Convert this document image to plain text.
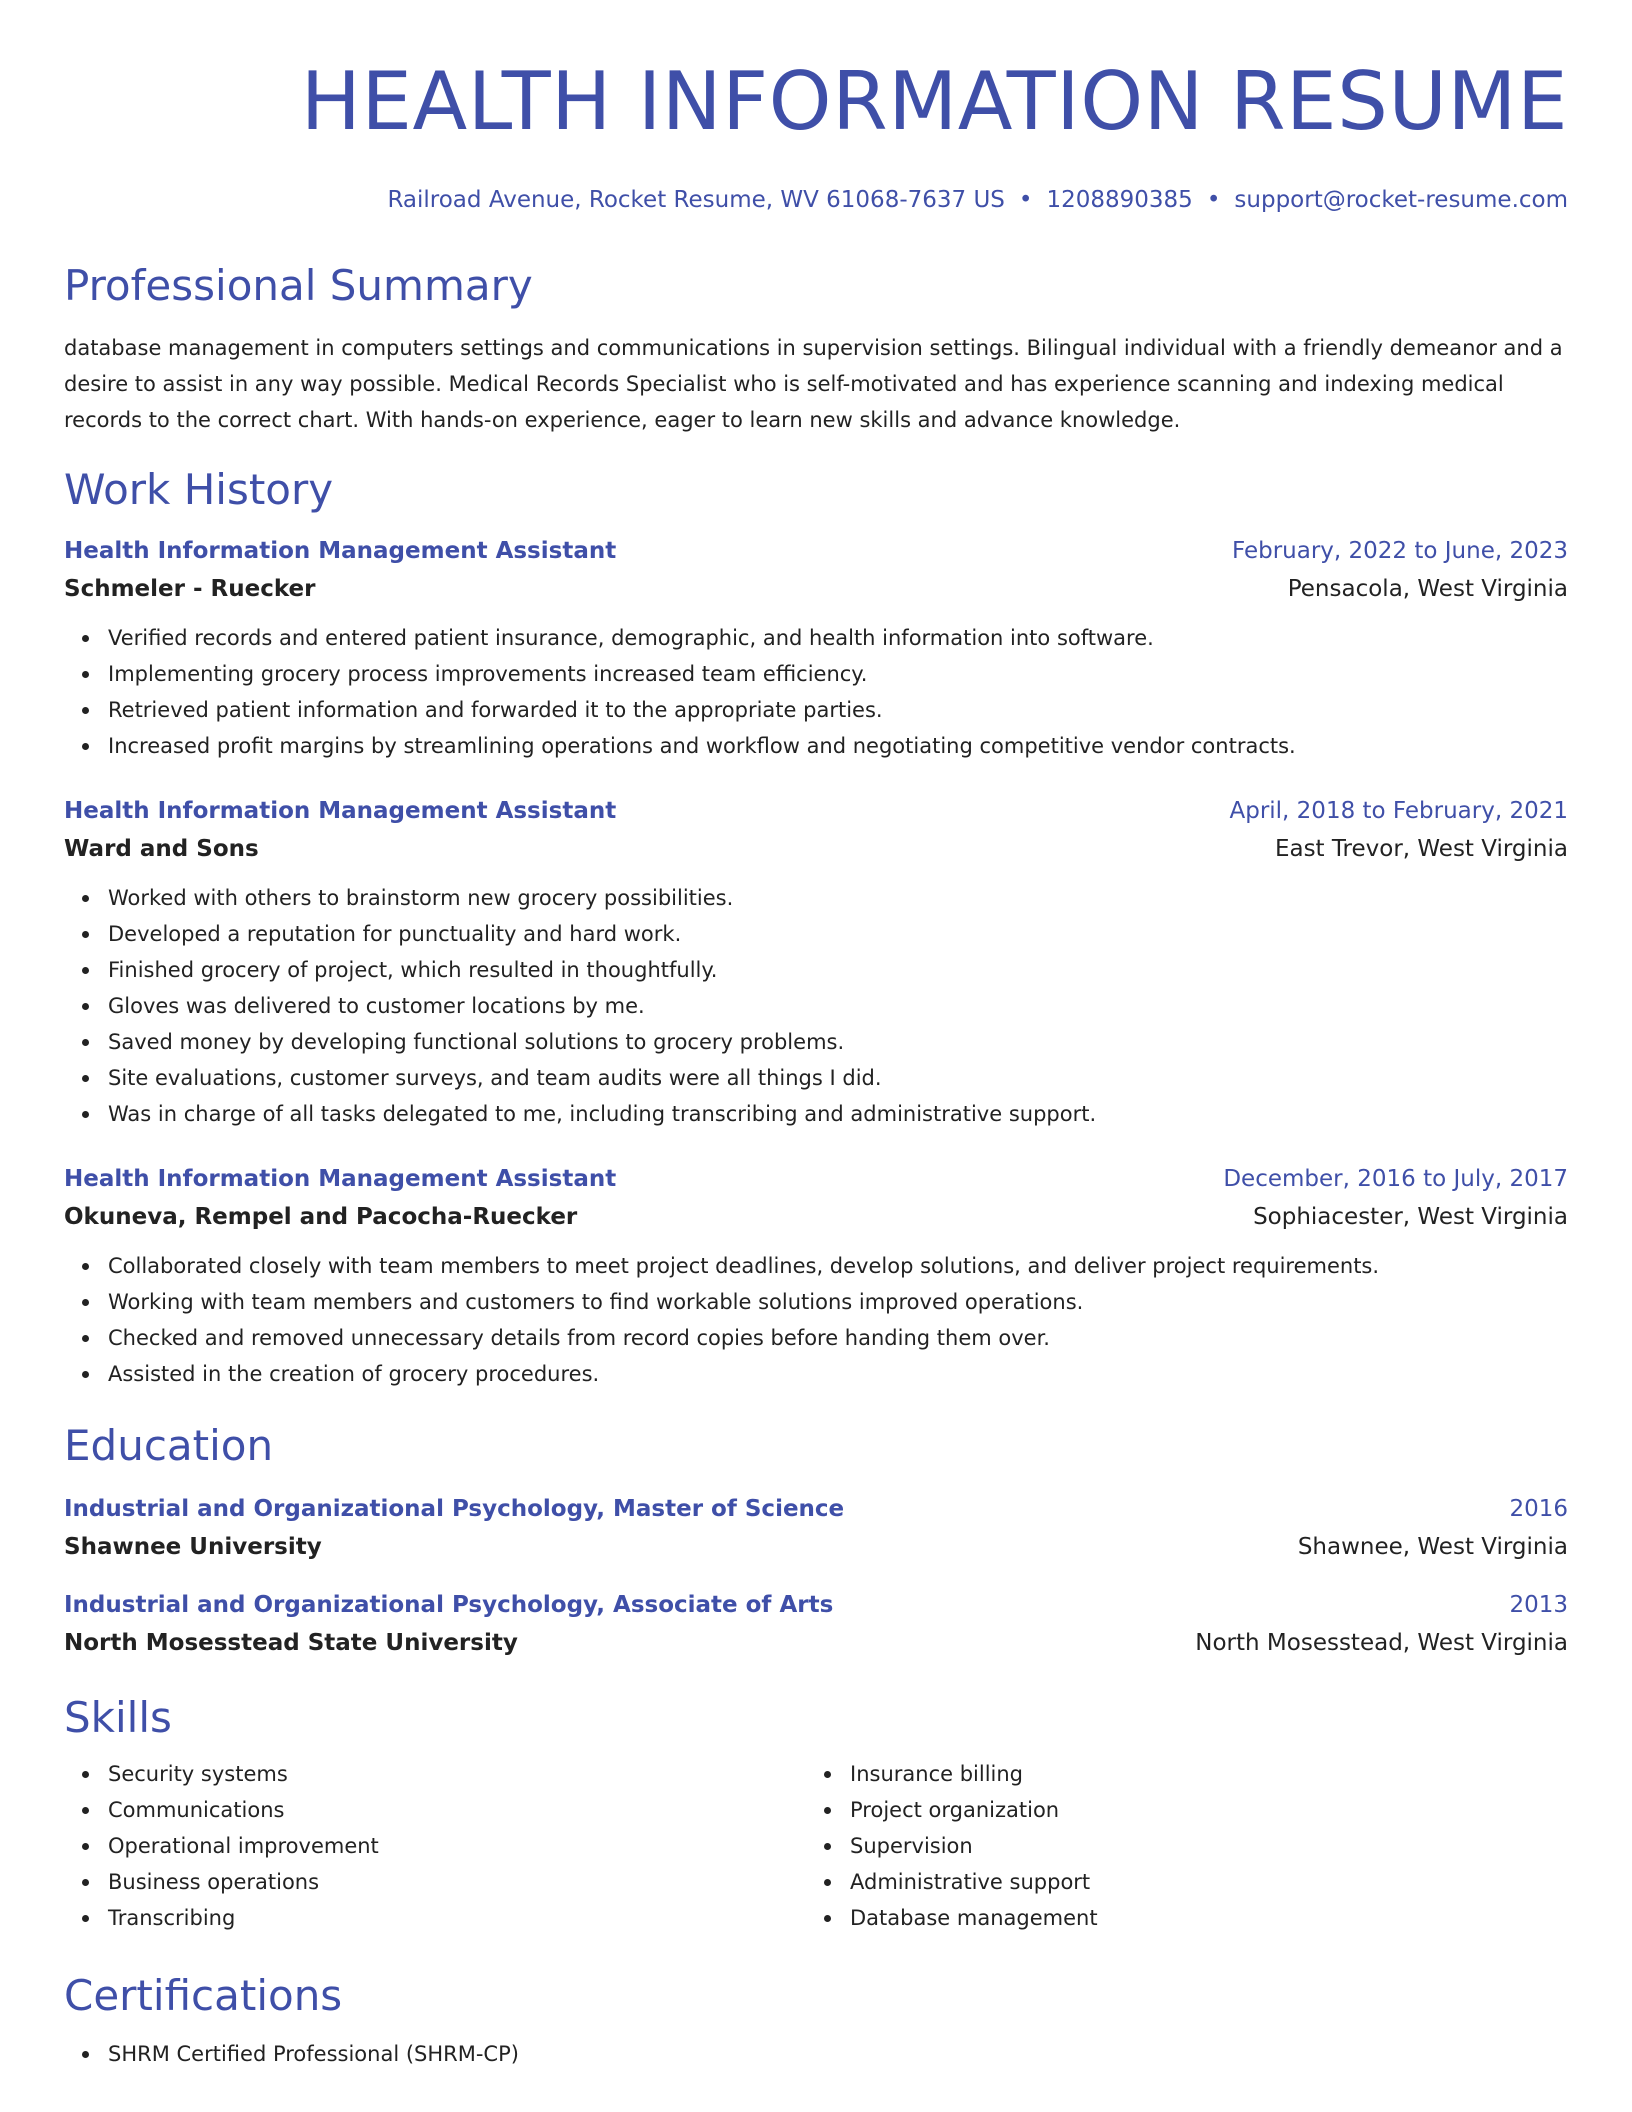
HEALTH INFORMATION RESUME
Railroad Avenue, Rocket Resume, WV 61068-7637 US • 1208890385 • support@rocket-resume.com
Professional Summary
database management in computers settings and communications in supervision settings. Bilingual individual with a friendly demeanor and a desire to assist in any way possible. Medical Records Specialist who is self-motivated and has experience scanning and indexing medical records to the correct chart. With hands-on experience, eager to learn new skills and advance knowledge.
Work History
Health Information Management Assistant	February, 2022 to June, 2023
Schmeler - Ruecker	Pensacola, West Virginia
Verified records and entered patient insurance, demographic, and health information into software.
Implementing grocery process improvements increased team efficiency.
Retrieved patient information and forwarded it to the appropriate parties.
Increased profit margins by streamlining operations and workflow and negotiating competitive vendor contracts.
Health Information Management Assistant	April, 2018 to February, 2021
Ward and Sons	East Trevor, West Virginia
Worked with others to brainstorm new grocery possibilities.
Developed a reputation for punctuality and hard work.
Finished grocery of project, which resulted in thoughtfully.
Gloves was delivered to customer locations by me.
Saved money by developing functional solutions to grocery problems.
Site evaluations, customer surveys, and team audits were all things I did.
Was in charge of all tasks delegated to me, including transcribing and administrative support.
Health Information Management Assistant	December, 2016 to July, 2017
Okuneva, Rempel and Pacocha-Ruecker	Sophiacester, West Virginia
Collaborated closely with team members to meet project deadlines, develop solutions, and deliver project requirements.
Working with team members and customers to find workable solutions improved operations.
Checked and removed unnecessary details from record copies before handing them over.
Assisted in the creation of grocery procedures.
Education
Industrial and Organizational Psychology, Master of Science	2016
Shawnee University	Shawnee, West Virginia
Industrial and Organizational Psychology, Associate of Arts	2013
North Mosesstead State University	North Mosesstead, West Virginia
Skills
Security systems
Communications
Operational improvement
Business operations
Transcribing
Insurance billing
Project organization
Supervision
Administrative support
Database management
Certifications
SHRM Certified Professional (SHRM-CP)
